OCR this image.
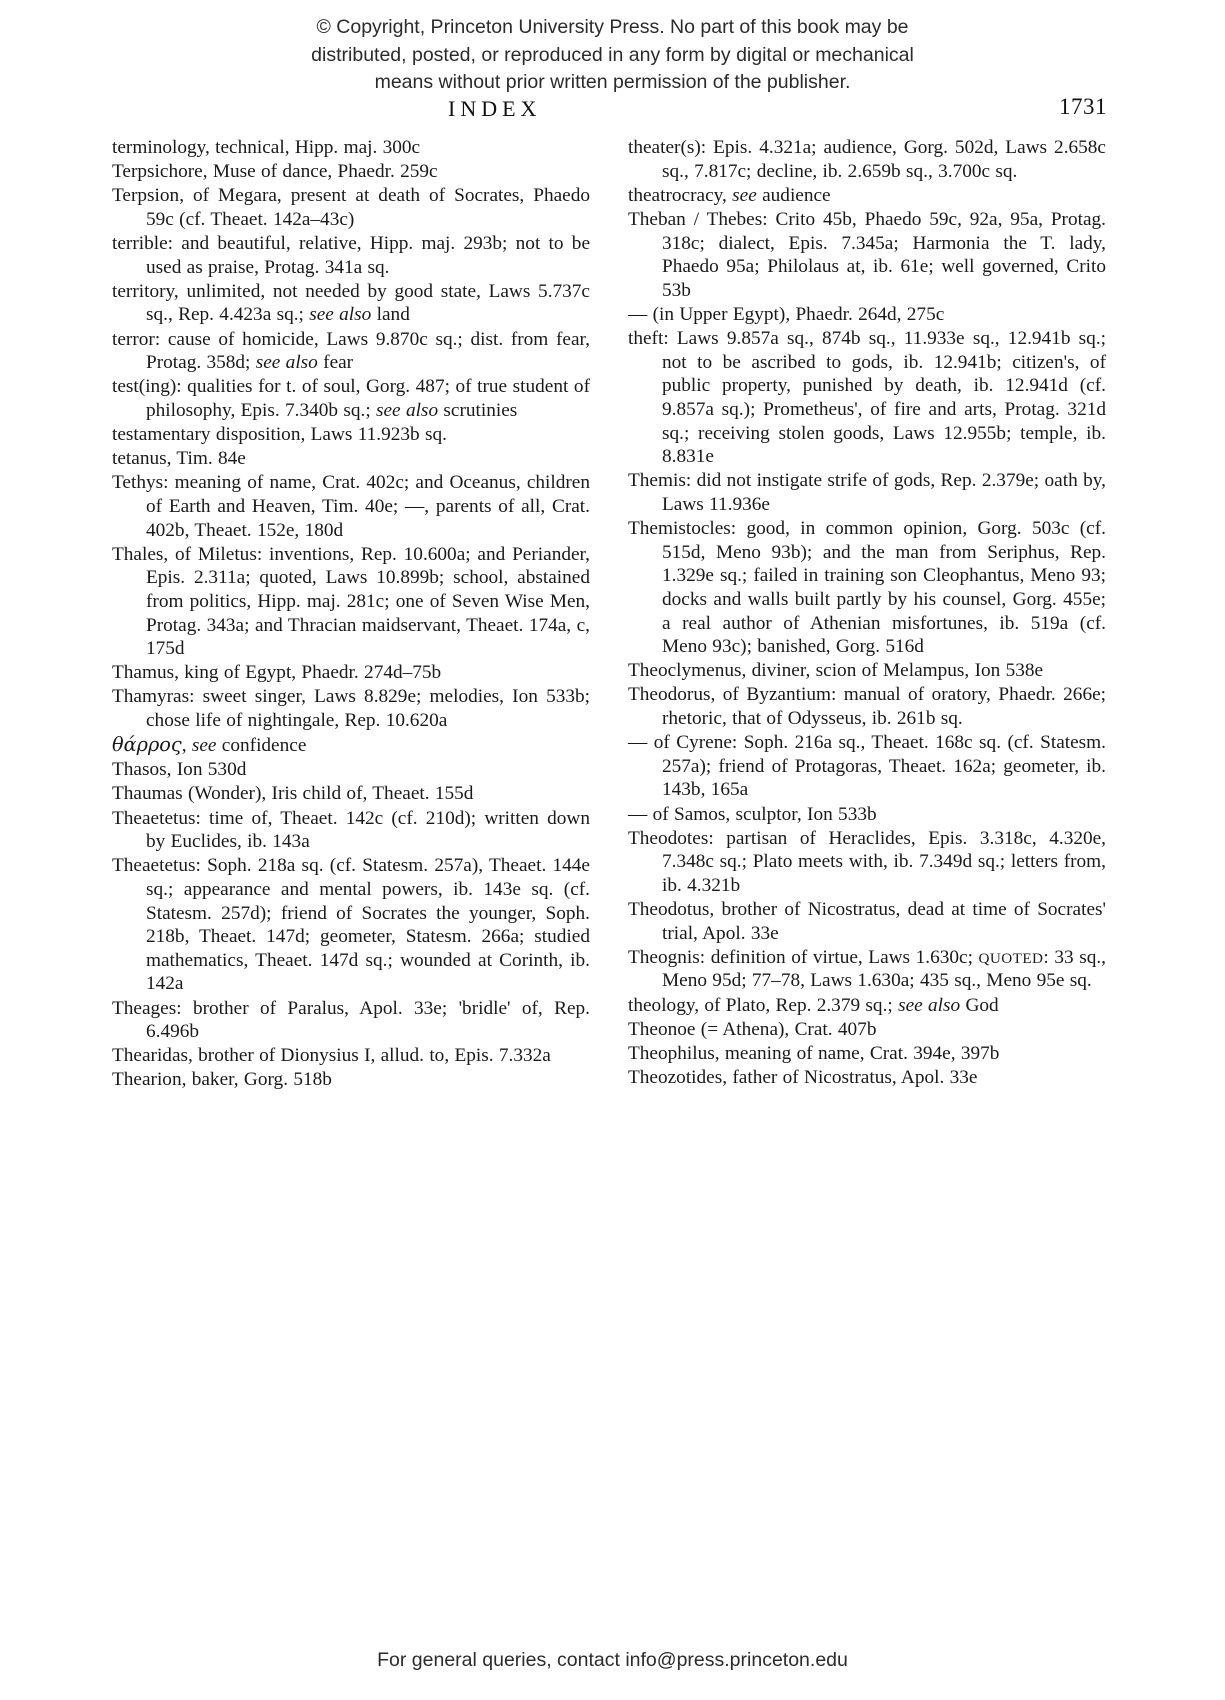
© Copyright, Princeton University Press. No part of this book may be
distributed, posted, or reproduced in any form by digital or mechanical
means without prior written permission of the publisher.
INDEX	1731

terminology, technical, Hipp. maj. 300c

Terpsichore, Muse of dance, Phaedr. 259c

Terpsion, of Megara, present at death of Socrates, Phaedo 59c (cf. Theaet. 142a–43c)

terrible: and beautiful, relative, Hipp. maj. 293b; not to be used as praise, Protag. 341a sq.

territory, unlimited, not needed by good state, Laws 5.737c sq., Rep. 4.423a sq.; see also land

terror: cause of homicide, Laws 9.870c sq.; dist. from fear, Protag. 358d; see also fear

test(ing): qualities for t. of soul, Gorg. 487; of true student of philosophy, Epis. 7.340b sq.; see also scrutinies

testamentary disposition, Laws 11.923b sq.

tetanus, Tim. 84e

Tethys: meaning of name, Crat. 402c; and Oceanus, children of Earth and Heaven, Tim. 40e; —, parents of all, Crat. 402b, Theaet. 152e, 180d

Thales, of Miletus: inventions, Rep. 10.600a; and Periander, Epis. 2.311a; quoted, Laws 10.899b; school, abstained from politics, Hipp. maj. 281c; one of Seven Wise Men, Protag. 343a; and Thracian maidservant, Theaet. 174a, c, 175d

Thamus, king of Egypt, Phaedr. 274d–75b

Thamyras: sweet singer, Laws 8.829e; melodies, Ion 533b; chose life of nightingale, Rep. 10.620a

θάρρος, see confidence

Thasos, Ion 530d

Thaumas (Wonder), Iris child of, Theaet. 155d

Theaetetus: time of, Theaet. 142c (cf. 210d); written down by Euclides, ib. 143a

Theaetetus: Soph. 218a sq. (cf. Statesm. 257a), Theaet. 144e sq.; appearance and mental powers, ib. 143e sq. (cf. Statesm. 257d); friend of Socrates the younger, Soph. 218b, Theaet. 147d; geometer, Statesm. 266a; studied mathematics, Theaet. 147d sq.; wounded at Corinth, ib. 142a

Theages: brother of Paralus, Apol. 33e; 'bridle' of, Rep. 6.496b

Thearidas, brother of Dionysius I, allud. to, Epis. 7.332a

Thearion, baker, Gorg. 518b

theater(s): Epis. 4.321a; audience, Gorg. 502d, Laws 2.658c sq., 7.817c; decline, ib. 2.659b sq., 3.700c sq.

theatrocracy, see audience

Theban / Thebes: Crito 45b, Phaedo 59c, 92a, 95a, Protag. 318c; dialect, Epis. 7.345a; Harmonia the T. lady, Phaedo 95a; Philolaus at, ib. 61e; well governed, Crito 53b

— (in Upper Egypt), Phaedr. 264d, 275c

theft: Laws 9.857a sq., 874b sq., 11.933e sq., 12.941b sq.; not to be ascribed to gods, ib. 12.941b; citizen's, of public property, punished by death, ib. 12.941d (cf. 9.857a sq.); Prometheus', of fire and arts, Protag. 321d sq.; receiving stolen goods, Laws 12.955b; temple, ib. 8.831e

Themis: did not instigate strife of gods, Rep. 2.379e; oath by, Laws 11.936e

Themistocles: good, in common opinion, Gorg. 503c (cf. 515d, Meno 93b); and the man from Seriphus, Rep. 1.329e sq.; failed in training son Cleophantus, Meno 93; docks and walls built partly by his counsel, Gorg. 455e; a real author of Athenian misfortunes, ib. 519a (cf. Meno 93c); banished, Gorg. 516d

Theoclymenus, diviner, scion of Melampus, Ion 538e

Theodorus, of Byzantium: manual of oratory, Phaedr. 266e; rhetoric, that of Odysseus, ib. 261b sq.

— of Cyrene: Soph. 216a sq., Theaet. 168c sq. (cf. Statesm. 257a); friend of Protagoras, Theaet. 162a; geometer, ib. 143b, 165a

— of Samos, sculptor, Ion 533b

Theodotes: partisan of Heraclides, Epis. 3.318c, 4.320e, 7.348c sq.; Plato meets with, ib. 7.349d sq.; letters from, ib. 4.321b

Theodotus, brother of Nicostratus, dead at time of Socrates' trial, Apol. 33e

Theognis: definition of virtue, Laws 1.630c; QUOTED: 33 sq., Meno 95d; 77–78, Laws 1.630a; 435 sq., Meno 95e sq.

theology, of Plato, Rep. 2.379 sq.; see also God

Theonoe (= Athena), Crat. 407b

Theophilus, meaning of name, Crat. 394e, 397b

Theozotides, father of Nicostratus, Apol. 33e

For general queries, contact info@press.princeton.edu
